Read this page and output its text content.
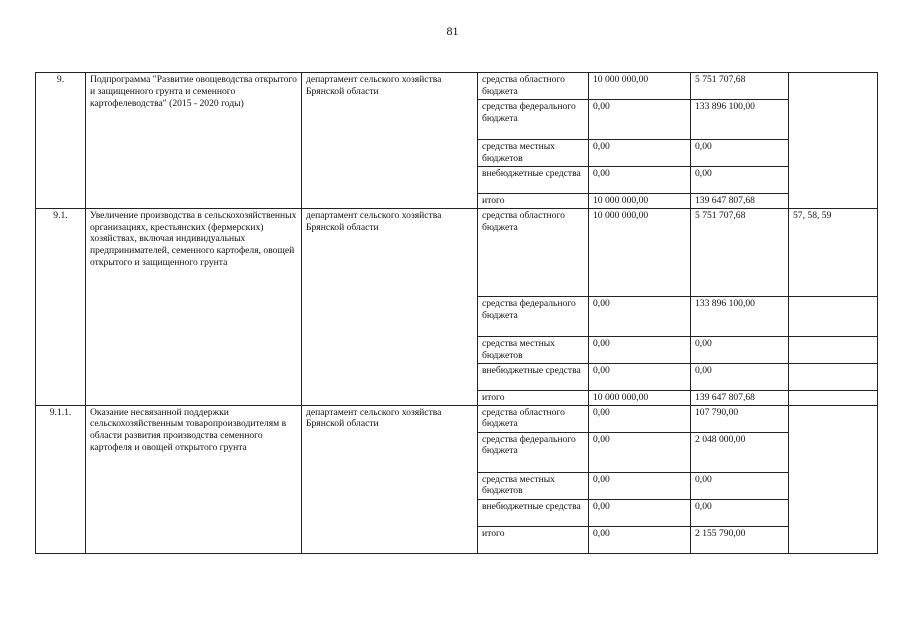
81
9.	Подпрограмма "Развитие овощеводства открытого и защищенного грунта и семенного картофелеводства" (2015 - 2020 годы)	департамент сельского хозяйства Брянской области	средства областного бюджета	10 000 000,00	5 751 707,68	
			средства федерального бюджета	0,00	133 896 100,00	
			средства местных бюджетов	0,00	0,00	
			внебюджетные средства	0,00	0,00	
			итого	10 000 000,00	139 647 807,68	
9.1.	Увеличение производства в сельскохозяйственных организациях, крестьянских (фермерских) хозяйствах, включая индивидуальных предпринимателей, семенного картофеля, овощей открытого и защищенного грунта	департамент сельского хозяйства Брянской области	средства областного бюджета	10 000 000,00	5 751 707,68	57, 58, 59
			средства федерального бюджета	0,00	133 896 100,00	
			средства местных бюджетов	0,00	0,00	
			внебюджетные средства	0,00	0,00	
			итого	10 000 000,00	139 647 807,68	
9.1.1.	Оказание несвязанной поддержки сельскохозяйственным товаропроизводителям в области развития производства семенного картофеля и овощей открытого грунта	департамент сельского хозяйства Брянской области	средства областного бюджета	0,00	107 790,00	
			средства федерального бюджета	0,00	2 048 000,00	
			средства местных бюджетов	0,00	0,00	
			внебюджетные средства	0,00	0,00	
			итого	0,00	2 155 790,00	
